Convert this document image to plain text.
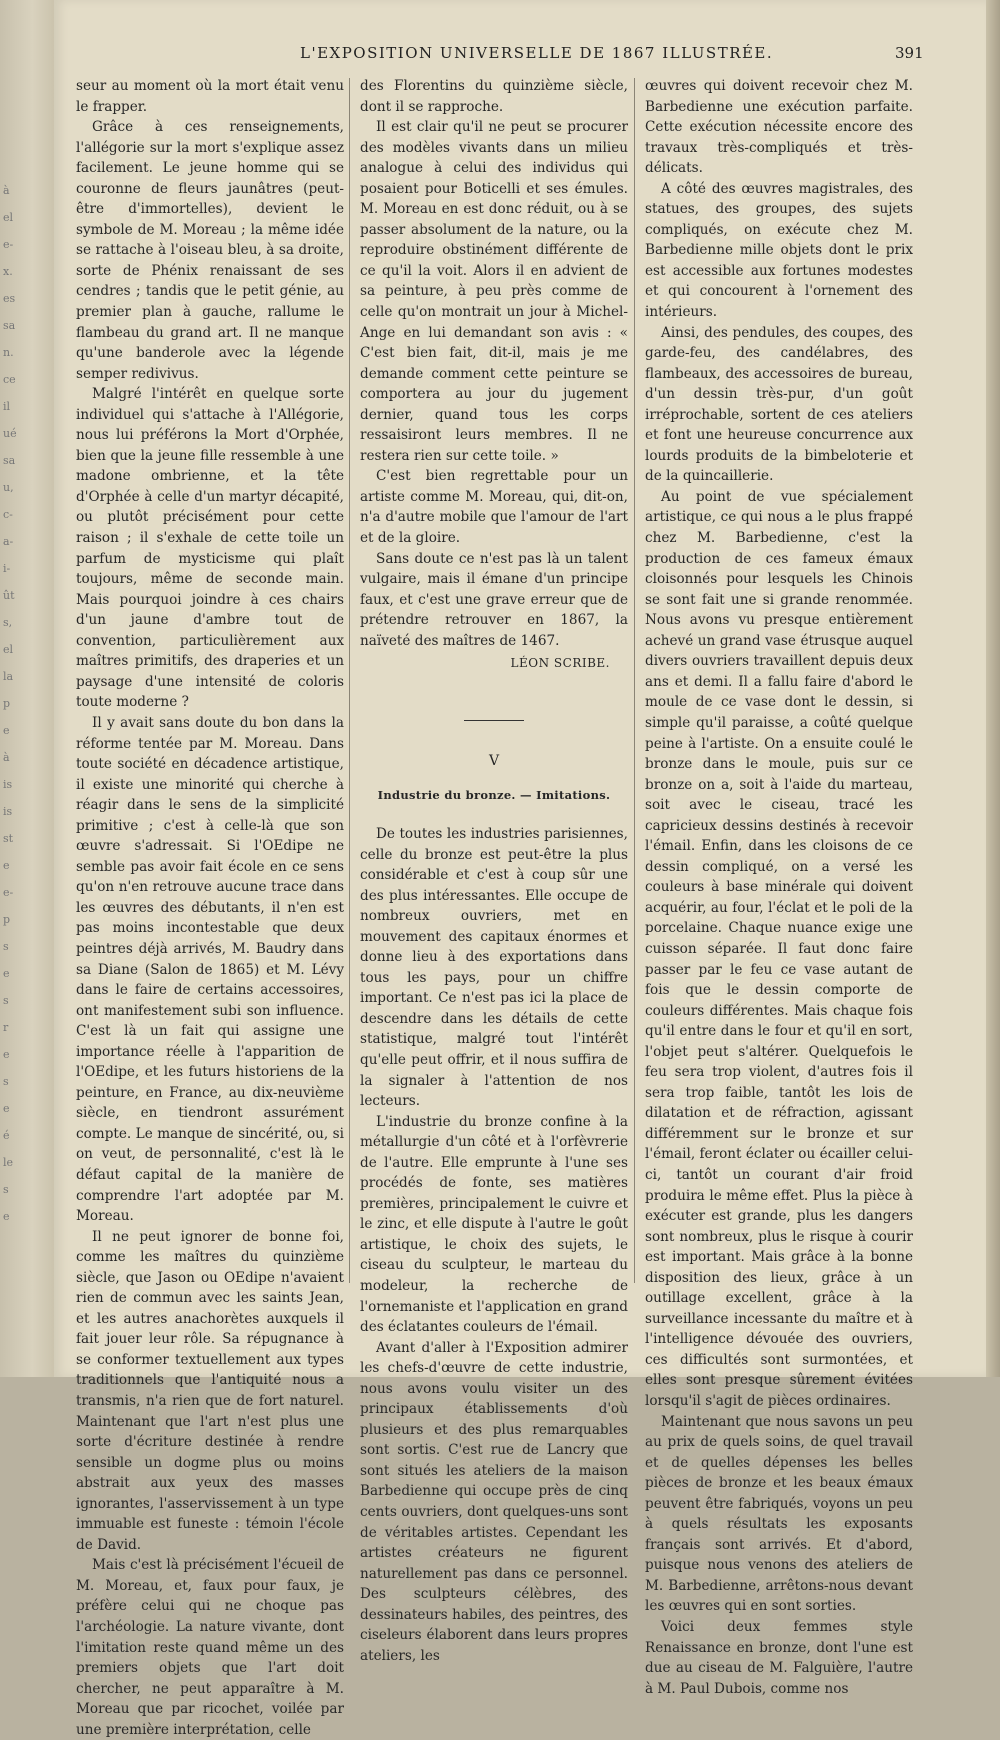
à
el
e-
x.
es
sa
n.
ce
il
ué
sa
u,
c-
a-
i-
ût
s,
el
la
p
e
à
is
is
st
e
e-
p
s
e
s
r
e
s
e
é
le
s
e
L'EXPOSITION UNIVERSELLE DE 1867 ILLUSTRÉE.	391

seur au moment où la mort était venu le frapper.

Grâce à ces renseignements, l'allégorie sur la mort s'explique assez facilement. Le jeune homme qui se couronne de fleurs jaunâtres (peut-être d'immortelles), devient le symbole de M. Moreau ; la même idée se rattache à l'oiseau bleu, à sa droite, sorte de Phénix renaissant de ses cendres ; tandis que le petit génie, au premier plan à gauche, rallume le flambeau du grand art. Il ne manque qu'une banderole avec la légende semper redivivus.

Malgré l'intérêt en quelque sorte individuel qui s'attache à l'Allégorie, nous lui préférons la Mort d'Orphée, bien que la jeune fille ressemble à une madone ombrienne, et la tête d'Orphée à celle d'un martyr décapité, ou plutôt précisément pour cette raison ; il s'exhale de cette toile un parfum de mysticisme qui plaît toujours, même de seconde main. Mais pourquoi joindre à ces chairs d'un jaune d'ambre tout de convention, particulièrement aux maîtres primitifs, des draperies et un paysage d'une intensité de coloris toute moderne ?

Il y avait sans doute du bon dans la réforme tentée par M. Moreau. Dans toute société en décadence artistique, il existe une minorité qui cherche à réagir dans le sens de la simplicité primitive ; c'est à celle-là que son œuvre s'adressait. Si l'OEdipe ne semble pas avoir fait école en ce sens qu'on n'en retrouve aucune trace dans les œuvres des débutants, il n'en est pas moins incontestable que deux peintres déjà arrivés, M. Baudry dans sa Diane (Salon de 1865) et M. Lévy dans le faire de certains accessoires, ont manifestement subi son influence. C'est là un fait qui assigne une importance réelle à l'apparition de l'OEdipe, et les futurs historiens de la peinture, en France, au dix-neuvième siècle, en tiendront assurément compte. Le manque de sincérité, ou, si on veut, de personnalité, c'est là le défaut capital de la manière de comprendre l'art adoptée par M. Moreau.

Il ne peut ignorer de bonne foi, comme les maîtres du quinzième siècle, que Jason ou OEdipe n'avaient rien de commun avec les saints Jean, et les autres anachorètes auxquels il fait jouer leur rôle. Sa répugnance à se conformer textuellement aux types traditionnels que l'antiquité nous a transmis, n'a rien que de fort naturel. Maintenant que l'art n'est plus une sorte d'écriture destinée à rendre sensible un dogme plus ou moins abstrait aux yeux des masses ignorantes, l'asservissement à un type immuable est funeste : témoin l'école de David.

Mais c'est là précisément l'écueil de M. Moreau, et, faux pour faux, je préfère celui qui ne choque pas l'archéologie. La nature vivante, dont l'imitation reste quand même un des premiers objets que l'art doit chercher, ne peut apparaître à M. Moreau que par ricochet, voilée par une première interprétation, celle

des Florentins du quinzième siècle, dont il se rapproche.

Il est clair qu'il ne peut se procurer des modèles vivants dans un milieu analogue à celui des individus qui posaient pour Boticelli et ses émules. M. Moreau en est donc réduit, ou à se passer absolument de la nature, ou la reproduire obstinément différente de ce qu'il la voit. Alors il en advient de sa peinture, à peu près comme de celle qu'on montrait un jour à Michel-Ange en lui demandant son avis : « C'est bien fait, dit-il, mais je me demande comment cette peinture se comportera au jour du jugement dernier, quand tous les corps ressaisiront leurs membres. Il ne restera rien sur cette toile. »

C'est bien regrettable pour un artiste comme M. Moreau, qui, dit-on, n'a d'autre mobile que l'amour de l'art et de la gloire.

Sans doute ce n'est pas là un talent vulgaire, mais il émane d'un principe faux, et c'est une grave erreur que de prétendre retrouver en 1867, la naïveté des maîtres de 1467.

LÉON SCRIBE.
V
Industrie du bronze. — Imitations.

De toutes les industries parisiennes, celle du bronze est peut-être la plus considérable et c'est à coup sûr une des plus intéressantes. Elle occupe de nombreux ouvriers, met en mouvement des capitaux énormes et donne lieu à des exportations dans tous les pays, pour un chiffre important. Ce n'est pas ici la place de descendre dans les détails de cette statistique, malgré tout l'intérêt qu'elle peut offrir, et il nous suffira de la signaler à l'attention de nos lecteurs.

L'industrie du bronze confine à la métallurgie d'un côté et à l'orfèvrerie de l'autre. Elle emprunte à l'une ses procédés de fonte, ses matières premières, principalement le cuivre et le zinc, et elle dispute à l'autre le goût artistique, le choix des sujets, le ciseau du sculpteur, le marteau du modeleur, la recherche de l'ornemaniste et l'application en grand des éclatantes couleurs de l'émail.

Avant d'aller à l'Exposition admirer les chefs-d'œuvre de cette industrie, nous avons voulu visiter un des principaux établissements d'où plusieurs et des plus remarquables sont sortis. C'est rue de Lancry que sont situés les ateliers de la maison Barbedienne qui occupe près de cinq cents ouvriers, dont quelques-uns sont de véritables artistes. Cependant les artistes créateurs ne figurent naturellement pas dans ce personnel. Des sculpteurs célèbres, des dessinateurs habiles, des peintres, des ciseleurs élaborent dans leurs propres ateliers, les

œuvres qui doivent recevoir chez M. Barbedienne une exécution parfaite. Cette exécution nécessite encore des travaux très-compliqués et très-délicats.

A côté des œuvres magistrales, des statues, des groupes, des sujets compliqués, on exécute chez M. Barbedienne mille objets dont le prix est accessible aux fortunes modestes et qui concourent à l'ornement des intérieurs.

Ainsi, des pendules, des coupes, des garde-feu, des candélabres, des flambeaux, des accessoires de bureau, d'un dessin très-pur, d'un goût irréprochable, sortent de ces ateliers et font une heureuse concurrence aux lourds produits de la bimbeloterie et de la quincaillerie.

Au point de vue spécialement artistique, ce qui nous a le plus frappé chez M. Barbedienne, c'est la production de ces fameux émaux cloisonnés pour lesquels les Chinois se sont fait une si grande renommée. Nous avons vu presque entièrement achevé un grand vase étrusque auquel divers ouvriers travaillent depuis deux ans et demi. Il a fallu faire d'abord le moule de ce vase dont le dessin, si simple qu'il paraisse, a coûté quelque peine à l'artiste. On a ensuite coulé le bronze dans le moule, puis sur ce bronze on a, soit à l'aide du marteau, soit avec le ciseau, tracé les capricieux dessins destinés à recevoir l'émail. Enfin, dans les cloisons de ce dessin compliqué, on a versé les couleurs à base minérale qui doivent acquérir, au four, l'éclat et le poli de la porcelaine. Chaque nuance exige une cuisson séparée. Il faut donc faire passer par le feu ce vase autant de fois que le dessin comporte de couleurs différentes. Mais chaque fois qu'il entre dans le four et qu'il en sort, l'objet peut s'altérer. Quelquefois le feu sera trop violent, d'autres fois il sera trop faible, tantôt les lois de dilatation et de réfraction, agissant différemment sur le bronze et sur l'émail, feront éclater ou écailler celui-ci, tantôt un courant d'air froid produira le même effet. Plus la pièce à exécuter est grande, plus les dangers sont nombreux, plus le risque à courir est important. Mais grâce à la bonne disposition des lieux, grâce à un outillage excellent, grâce à la surveillance incessante du maître et à l'intelligence dévouée des ouvriers, ces difficultés sont surmontées, et elles sont presque sûrement évitées lorsqu'il s'agit de pièces ordinaires.

Maintenant que nous savons un peu au prix de quels soins, de quel travail et de quelles dépenses les belles pièces de bronze et les beaux émaux peuvent être fabriqués, voyons un peu à quels résultats les exposants français sont arrivés. Et d'abord, puisque nous venons des ateliers de M. Barbedienne, arrêtons-nous devant les œuvres qui en sont sorties.

Voici deux femmes style Renaissance en bronze, dont l'une est due au ciseau de M. Falguière, l'autre à M. Paul Dubois, comme nos
